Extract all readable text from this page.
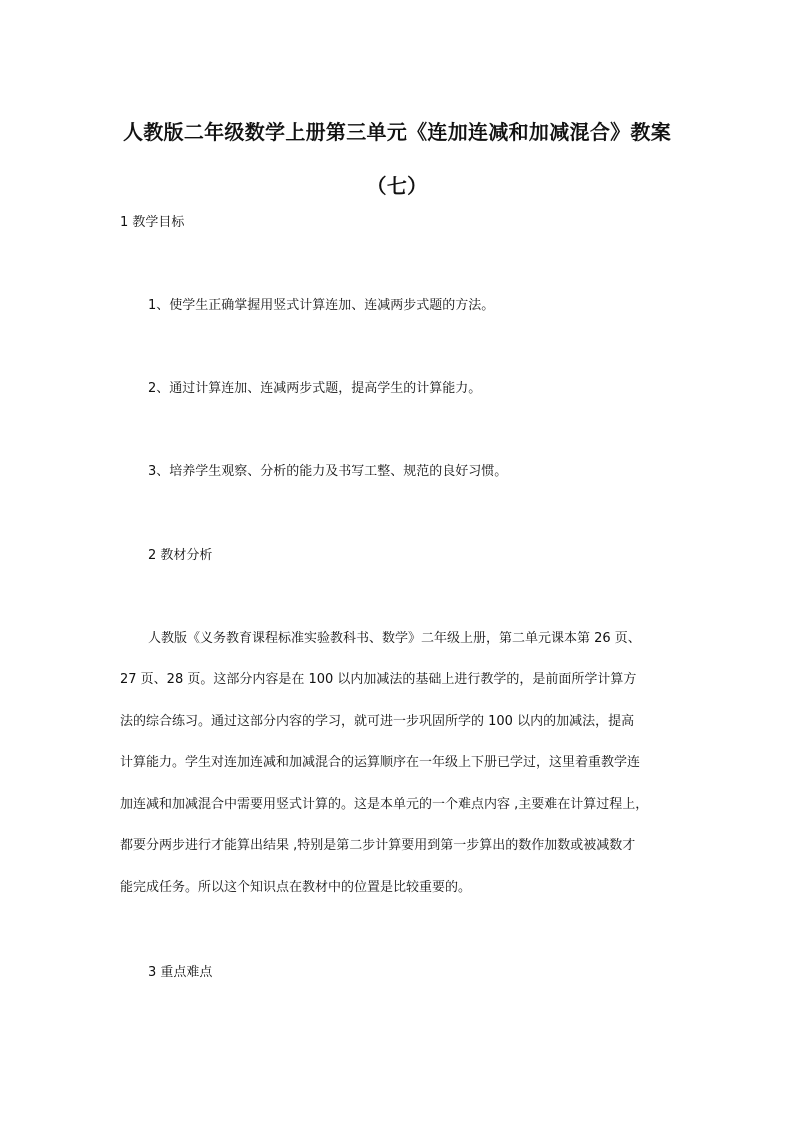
人教版二年级数学上册第三单元《连加连减和加减混合》教案
（七）
1 教学目标
1、使学生正确掌握用竖式计算连加、连减两步式题的方法。
2、通过计算连加、连减两步式题，提高学生的计算能力。
3、培养学生观察、分析的能力及书写工整、规范的良好习惯。
2 教材分析
人教版《义务教育课程标准实验教科书、数学》二年级上册，第二单元课本第 26 页、
27 页、28 页。这部分内容是在 100 以内加减法的基础上进行教学的，是前面所学计算方
法的综合练习。通过这部分内容的学习，就可进一步巩固所学的 100 以内的加减法，提高
计算能力。学生对连加连减和加减混合的运算顺序在一年级上下册已学过，这里着重教学连
加连减和加减混合中需要用竖式计算的。这是本单元的一个难点内容 ,主要难在计算过程上，
都要分两步进行才能算出结果 ,特别是第二步计算要用到第一步算出的数作加数或被减数才
能完成任务。所以这个知识点在教材中的位置是比较重要的。
3 重点难点
